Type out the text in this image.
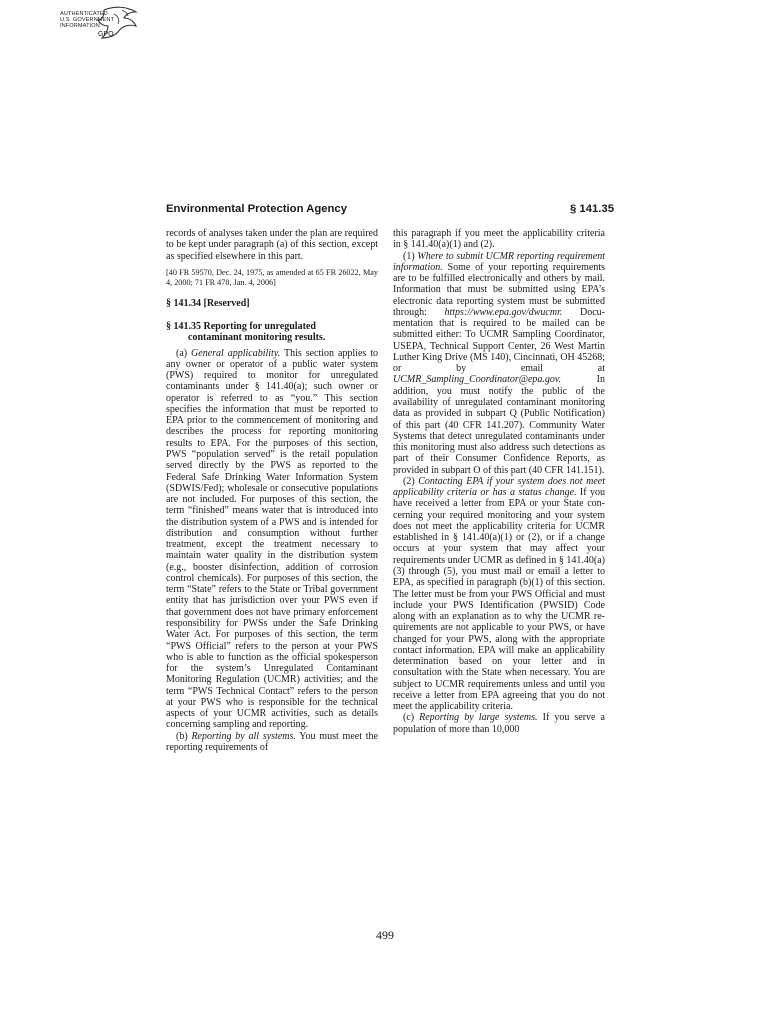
AUTHENTICATED
U.S. GOVERNMENT
INFORMATION
GPO
Environmental Protection Agency	§ 141.35

records of analyses taken under the plan are required to be kept under paragraph (a) of this section, except as specified elsewhere in this part.

[40 FR 59570, Dec. 24, 1975, as amended at 65 FR 26022, May 4, 2000; 71 FR 478, Jan. 4, 2006]

§ 141.34 [Reserved]

§ 141.35 Reporting for unregulated

contaminant monitoring results.

(a) General applicability. This section applies to any owner or operator of a public water system (PWS) required to monitor for unregulated contaminants under § 141.40(a); such owner or operator is referred to as “you.” This section specifies the information that must be reported to EPA prior to the commencement of monitoring and describes the process for reporting monitoring results to EPA. For the purposes of this section, PWS “population served” is the retail population served directly by the PWS as reported to the Federal Safe Drinking Water Information System (SDWIS/Fed); wholesale or consecutive populations are not included. For purposes of this section, the term “finished” means water that is introduced into the distribution system of a PWS and is intended for distribution and consumption without further treatment, except the treatment necessary to maintain water quality in the distribution system (e.g., booster disinfection, addition of corrosion control chemicals). For purposes of this section, the term “State” refers to the State or Tribal government entity that has jurisdiction over your PWS even if that government does not have primary enforcement responsibility for PWSs under the Safe Drinking Water Act. For purposes of this section, the term “PWS Official” refers to the person at your PWS who is able to function as the official spokesperson for the system’s Unregulated Contaminant Monitoring Regulation (UCMR) activities; and the term “PWS Technical Contact” refers to the person at your PWS who is responsible for the technical aspects of your UCMR activities, such as details concerning sampling and reporting.

(b) Reporting by all systems. You must meet the reporting requirements of

this paragraph if you meet the applicability criteria in § 141.40(a)(1) and (2).

(1) Where to submit UCMR reporting requirement information. Some of your reporting requirements are to be fulfilled electronically and others by mail. Information that must be submitted using EPA’s electronic data reporting system must be submitted through: https://www.epa.gov/dwucmr. Documentation that is required to be mailed can be submitted either: To UCMR Sampling Coordinator, USEPA, Technical Support Center, 26 West Martin Luther King Drive (MS 140), Cincinnati, OH 45268; or by email at UCMR_Sampling_Coordinator@epa.gov. In addition, you must notify the public of the availability of unregulated contaminant monitoring data as provided in subpart Q (Public Notification) of this part (40 CFR 141.207). Community Water Systems that detect unregulated contaminants under this monitoring must also address such detections as part of their Consumer Confidence Reports, as provided in subpart O of this part (40 CFR 141.151).

(2) Contacting EPA if your system does not meet applicability criteria or has a status change. If you have received a letter from EPA or your State concerning your required monitoring and your system does not meet the applicability criteria for UCMR established in § 141.40(a)(1) or (2), or if a change occurs at your system that may affect your requirements under UCMR as defined in § 141.40(a)(3) through (5), you must mail or email a letter to EPA, as specified in paragraph (b)(1) of this section. The letter must be from your PWS Official and must include your PWS Identification (PWSID) Code along with an explanation as to why the UCMR requirements are not applicable to your PWS, or have changed for your PWS, along with the appropriate contact information. EPA will make an applicability determination based on your letter and in consultation with the State when necessary. You are subject to UCMR requirements unless and until you receive a letter from EPA agreeing that you do not meet the applicability criteria.

(c) Reporting by large systems. If you serve a population of more than 10,000

499
